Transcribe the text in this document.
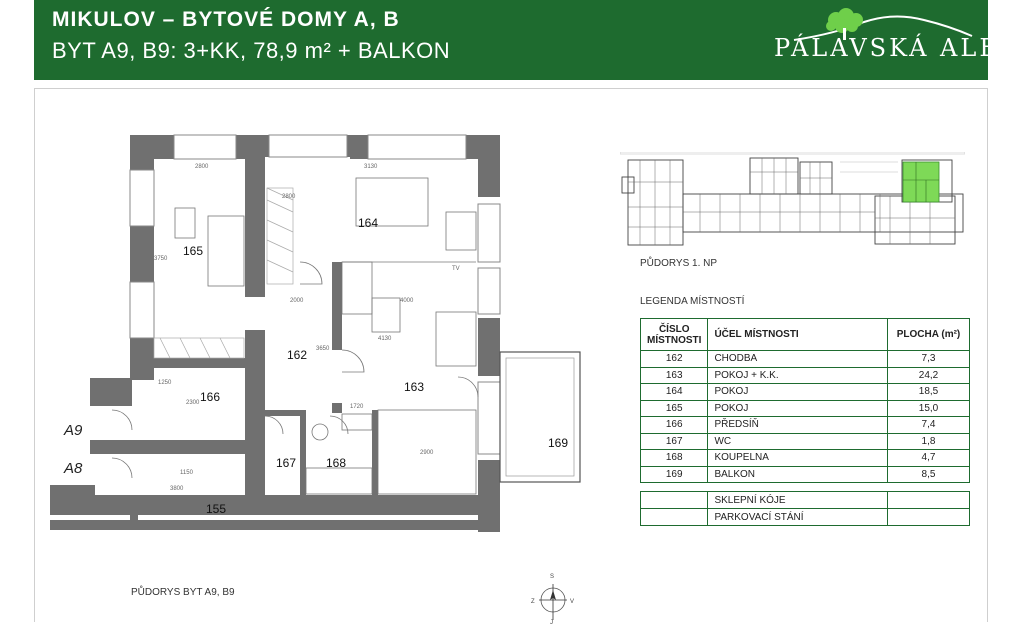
MIKULOV – BYTOVÉ DOMY A, B
BYT A9, B9: 3+KK, 78,9 m² + BALKON	PÁLAVSKÁ ALEJ
2800	3130
3750
2800
2000	4000
3650
4130
1250
2300
1720
2900
1150
3800
TV
165
164
162
163
166
167 168
169
155
A9
A8
PŮDORYS BYT A9, B9
PŮDORYS 1. NP
LEGENDA MÍSTNOSTÍ
ČÍSLO MÍSTNOSTI	ÚČEL MÍSTNOSTI	PLOCHA (m²)
162	CHODBA	7,3
163	POKOJ + K.K.	24,2
164	POKOJ	18,5
165	POKOJ	15,0
166	PŘEDSÍŇ	7,4
167	WC	1,8
168	KOUPELNA	4,7
169	BALKON	8,5

	SKLEPNÍ KÓJE	
	PARKOVACÍ STÁNÍ	
S
Z	V
J
